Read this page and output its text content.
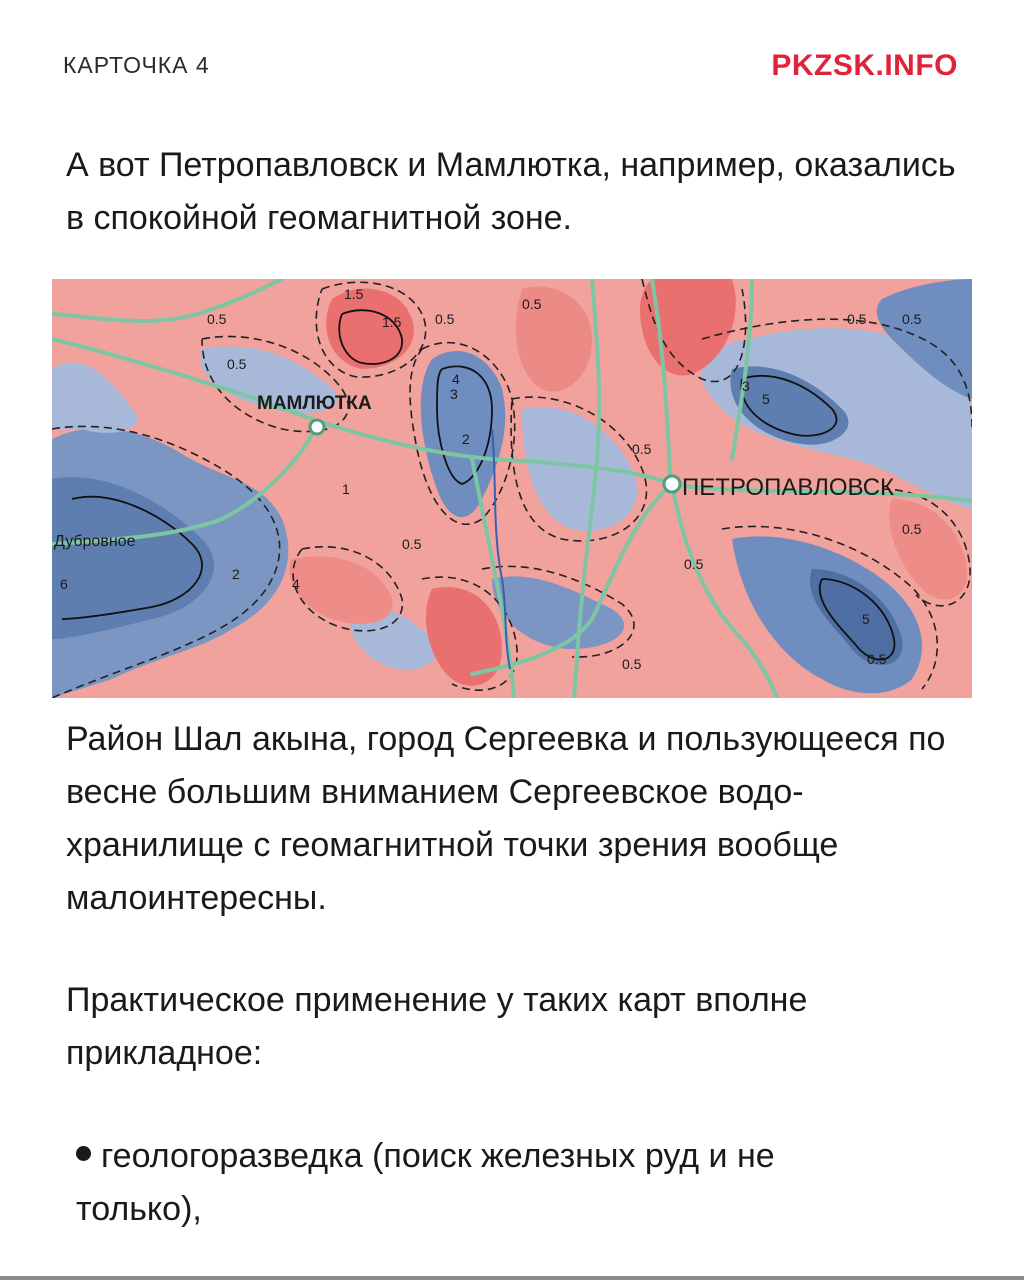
КАРТОЧКА 4	PKZSK.INFO

А вот Петропавловск и Мамлютка, например, оказались в спокойной геомагнитной зоне.

МАМЛЮТКА
ПЕТРОПАВЛОВСК
Дубровное
1.5
0.5
0.5
1.5 0.5
0.5
3
2
1
0.5
0.5
4
5
3
0.5	0.5
0.5
6
0.5
0.5
5
4
2
0.5

Район Шал акына, город Сергеевка и пользующееся по весне большим вниманием Сергеевское водо-хранилище с геомагнитной точки зрения вообще малоинтересны.

Практическое применение у таких карт вполне прикладное:

геологоразведка (поиск железных руд и не только),
